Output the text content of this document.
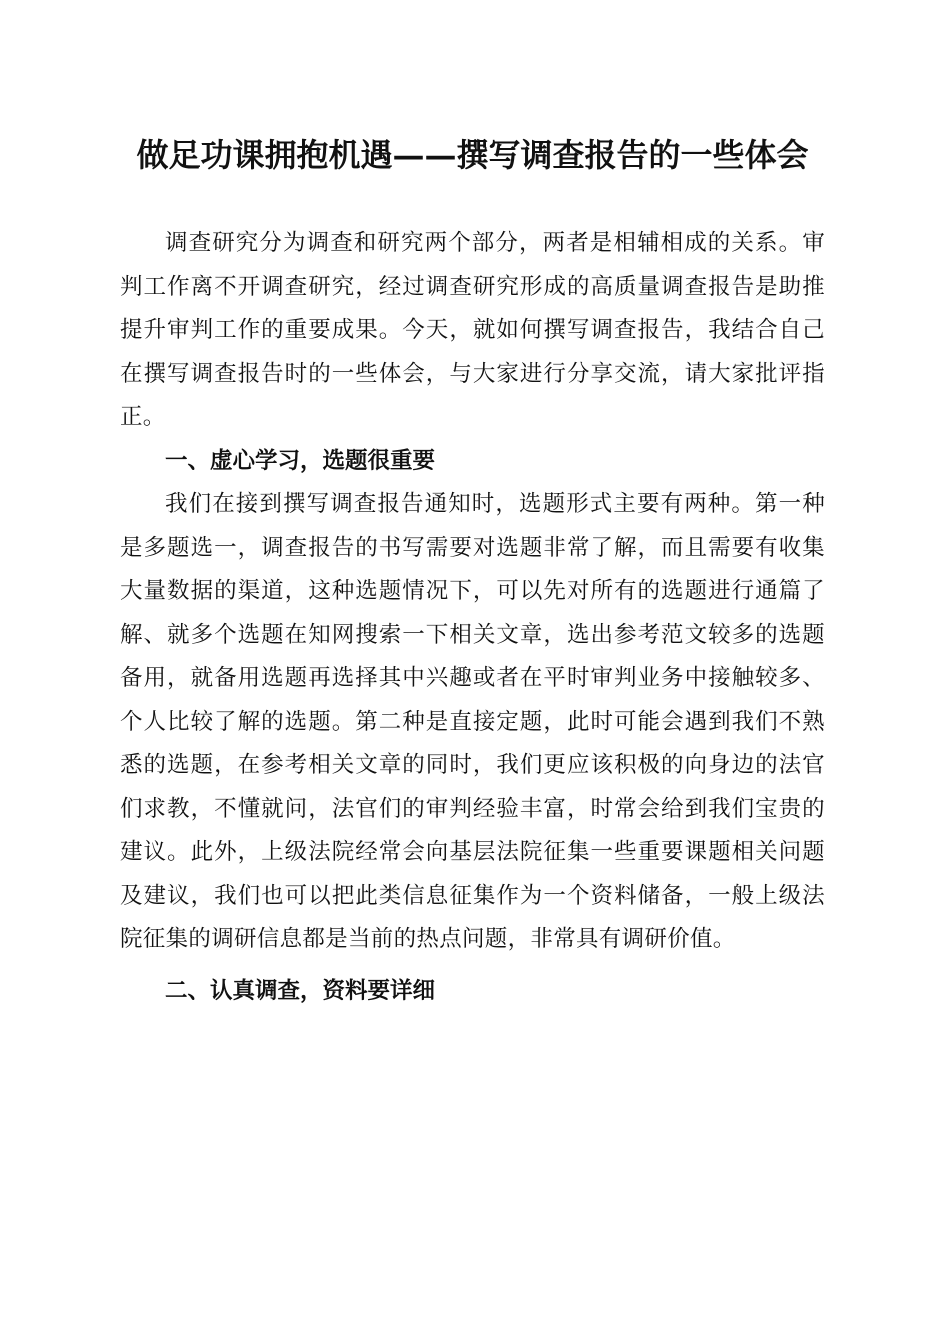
做足功课拥抱机遇——撰写调查报告的一些体会

调查研究分为调查和研究两个部分，两者是相辅相成的关系。审判工作离不开调查研究，经过调查研究形成的高质量调查报告是助推提升审判工作的重要成果。今天，就如何撰写调查报告，我结合自己在撰写调查报告时的一些体会，与大家进行分享交流，请大家批评指正。

一、虚心学习，选题很重要

我们在接到撰写调查报告通知时，选题形式主要有两种。第一种是多题选一，调查报告的书写需要对选题非常了解，而且需要有收集大量数据的渠道，这种选题情况下，可以先对所有的选题进行通篇了解、就多个选题在知网搜索一下相关文章，选出参考范文较多的选题备用，就备用选题再选择其中兴趣或者在平时审判业务中接触较多、个人比较了解的选题。第二种是直接定题，此时可能会遇到我们不熟悉的选题，在参考相关文章的同时，我们更应该积极的向身边的法官们求教，不懂就问，法官们的审判经验丰富，时常会给到我们宝贵的建议。此外，上级法院经常会向基层法院征集一些重要课题相关问题及建议，我们也可以把此类信息征集作为一个资料储备，一般上级法院征集的调研信息都是当前的热点问题，非常具有调研价值。

二、认真调查，资料要详细
